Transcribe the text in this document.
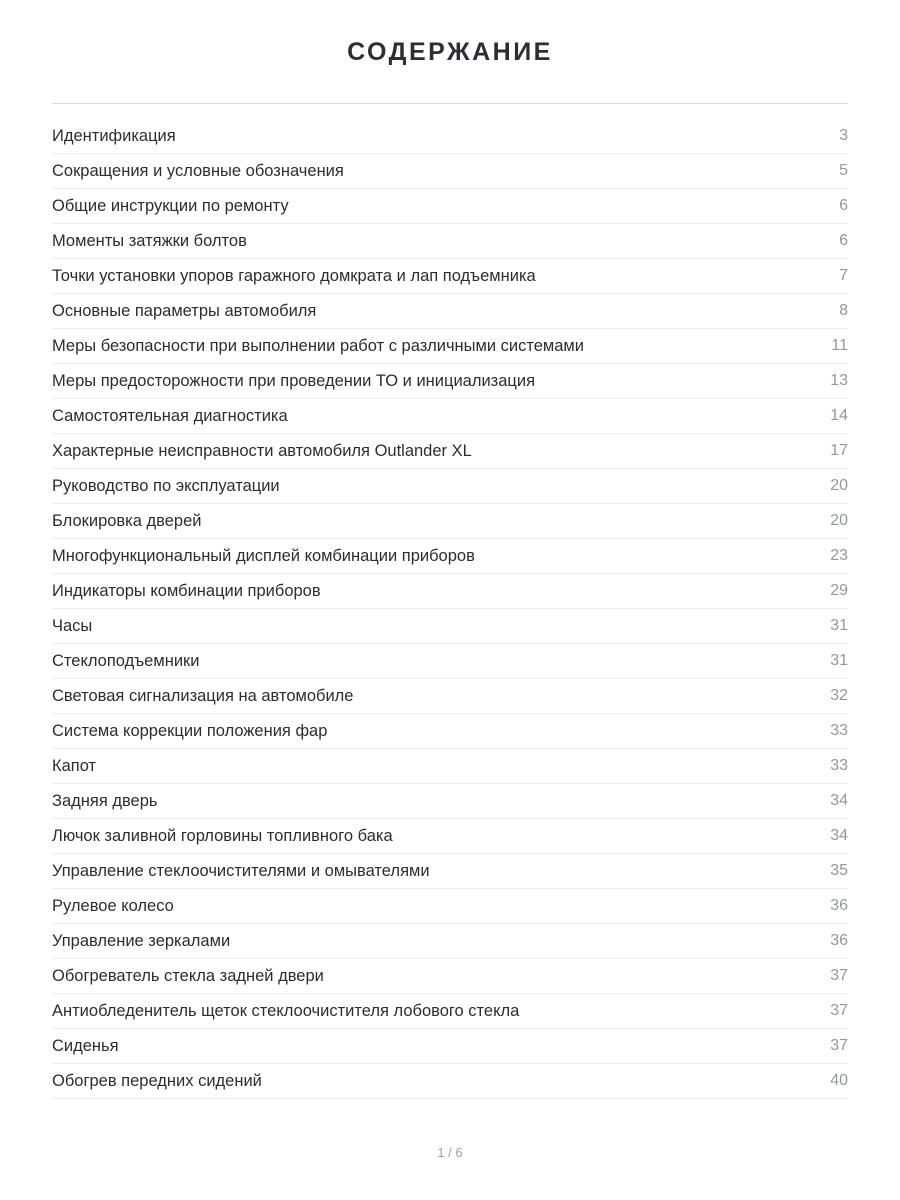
СОДЕРЖАНИЕ
Идентификация	3
Сокращения и условные обозначения	5
Общие инструкции по ремонту	6
Моменты затяжки болтов	6
Точки установки упоров гаражного домкрата и лап подъемника	7
Основные параметры автомобиля	8
Меры безопасности при выполнении работ с различными системами	11
Меры предосторожности при проведении ТО и инициализация	13
Самостоятельная диагностика	14
Характерные неисправности автомобиля Outlander XL	17
Руководство по эксплуатации	20
Блокировка дверей	20
Многофункциональный дисплей комбинации приборов	23
Индикаторы комбинации приборов	29
Часы	31
Стеклоподъемники	31
Световая сигнализация на автомобиле	32
Система коррекции положения фар	33
Капот	33
Задняя дверь	34
Лючок заливной горловины топливного бака	34
Управление стеклоочистителями и омывателями	35
Рулевое колесо	36
Управление зеркалами	36
Обогреватель стекла задней двери	37
Антиобледенитель щеток стеклоочистителя лобового стекла	37
Сиденья	37
Обогрев передних сидений	40
1 / 6
